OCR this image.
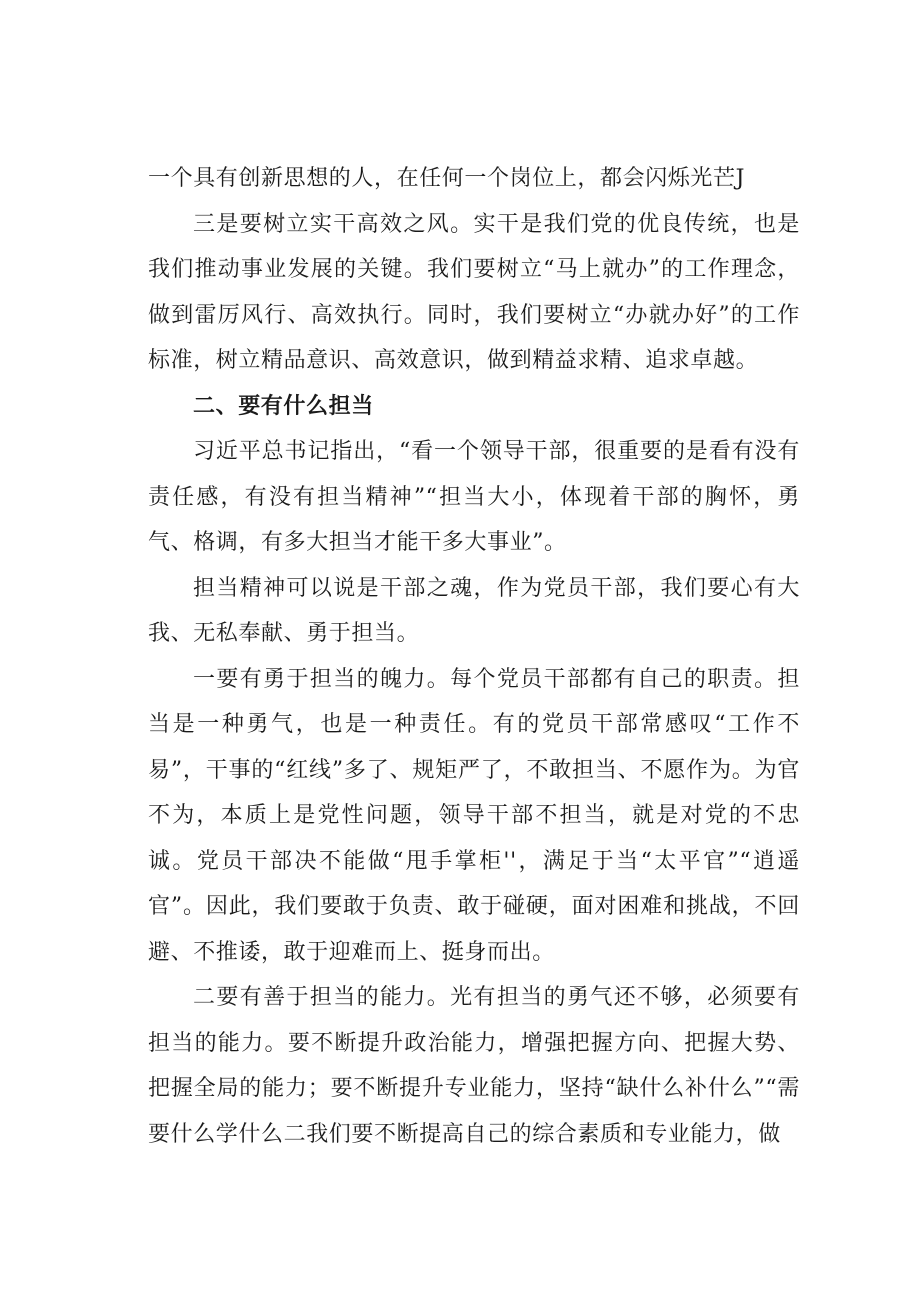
一个具有创新思想的人，在任何一个岗位上，都会闪烁光芒J

三是要树立实干高效之风。实干是我们党的优良传统，也是我们推动事业发展的关键。我们要树立“马上就办”的工作理念，做到雷厉风行、高效执行。同时，我们要树立“办就办好”的工作标准，树立精品意识、高效意识，做到精益求精、追求卓越。

二、要有什么担当

习近平总书记指出，“看一个领导干部，很重要的是看有没有责任感，有没有担当精神”“担当大小，体现着干部的胸怀，勇气、格调，有多大担当才能干多大事业”。

担当精神可以说是干部之魂，作为党员干部，我们要心有大我、无私奉献、勇于担当。

一要有勇于担当的魄力。每个党员干部都有自己的职责。担当是一种勇气，也是一种责任。有的党员干部常感叹“工作不易”，干事的“红线”多了、规矩严了，不敢担当、不愿作为。为官不为，本质上是党性问题，领导干部不担当，就是对党的不忠诚。党员干部决不能做“甩手掌柜''，满足于当“太平官”“逍遥官”。因此，我们要敢于负责、敢于碰硬，面对困难和挑战，不回避、不推诿，敢于迎难而上、挺身而出。

二要有善于担当的能力。光有担当的勇气还不够，必须要有担当的能力。要不断提升政治能力，增强把握方向、把握大势、把握全局的能力；要不断提升专业能力，坚持“缺什么补什么”“需要什么学什么二我们要不断提高自己的综合素质和专业能力，做
